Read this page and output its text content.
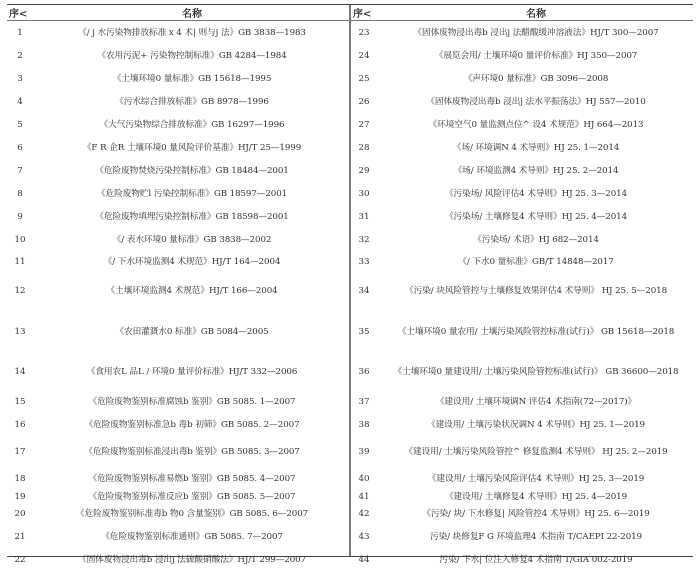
序<	名称
1	《/ j 水污染物排放标准 x 4 术| 则与j 法》GB 3838—1983
2	《农用污泥+ 污染物控制标准》GB 4284—1984
3	《土壤环境0 量标准》GB 15618—1995
4	《污水综合排放标准》GB 8978—1996
5	《大气污染物综合排放标准》GB 16297—1996
6	《F R 企R 土壤环境0 量风险评价基准》HJ/T 25—1999
7	《危险废物焚烧污染控制标准》GB 18484—2001
8	《危险废物贮l 污染控制标准》GB 18597—2001
9	《危险废物填埋污染控制标准》GB 18598—2001
10	《/ 表水环境0 量标准》GB 3838—2002
11	《/ 下水环境监测4 术规范》HJ/T 164—2004
12	《土壤环境监测4 术规范》HJ/T 166—2004
13	《农田灌溉水0 标准》GB 5084—2005
14	《食用农L 品L / 环境0 量评价标准》HJ/T 332—2006
15	《危险废物鉴别标准腐蚀b 鉴别》GB 5085. 1—2007
16	《危险废物鉴别标准急b 毒b 初筛》GB 5085. 2—2007
17	《危险废物鉴别标准浸出毒b 鉴别》GB 5085. 3—2007
18	《危险废物鉴别标准易燃b 鉴别》GB 5085. 4—2007
19	《危险废物鉴别标准反应b 鉴别》GB 5085. 5—2007
20	《危险废物鉴别标准毒b 物0 含量鉴别》GB 5085. 6—2007
21	《危险废物鉴别标准通则》GB 5085. 7—2007
22	《固体废物浸出毒b 浸出j 法硫酸硝酸法》HJ/T 299—2007
序<	名称
23	《固体废物浸出毒b 浸出j 法醋酸缓冲溶液法》HJ/T 300—2007
24	《展览会用/ 土壤环境0 量评价标准》HJ 350—2007
25	《声环境0 量标准》GB 3096—2008
26	《固体废物浸出毒b 浸出j 法水平振荡法》HJ 557—2010
27	《环境空气0 量监测点位^ 设4 术规范》HJ 664—2013
28	《场/ 环境调N 4 术导则》HJ 25. 1—2014
29	《场/ 环境监测4 术导则》HJ 25. 2—2014
30	《污染场/ 风险评估4 术导则》HJ 25. 3—2014
31	《污染场/ 土壤修复4 术导则》HJ 25. 4—2014
32	《污染场/ 术语》HJ 682—2014
33	《/ 下水0 量标准》GB/T 14848—2017
34	《污染/ 块风险管控与土壤修复效果评估4 术导则》 HJ 25. 5—2018
35	《土壤环境0 量农用/ 土壤污染风险管控标准(试行)》 GB 15618—2018
36	《土壤环境0 量建设用/ 土壤污染风险管控标准(试行)》 GB 36600—2018
37	《建设用/ 土壤环境调N 评估4 术指南(72—2017)》
38	《建设用/ 土壤污染状况调N 4 术导则》HJ 25. 1—2019
39	《建设用/ 土壤污染风险管控^ 修复监测4 术导则》 HJ 25. 2—2019
40	《建设用/ 土壤污染风险评估4 术导则》HJ 25. 3—2019
41	《建设用/ 土壤修复4 术导则》HJ 25. 4—2019
42	《污染/ 块/ 下水修复| 风险管控4 术导则》HJ 25. 6—2019
43	污染/ 块修复F G 环境监理4 术指南 T/CAEPI 22-2019
44	污染/ 下水| 位注入修复4 术指南 T/GIA 002-2019
